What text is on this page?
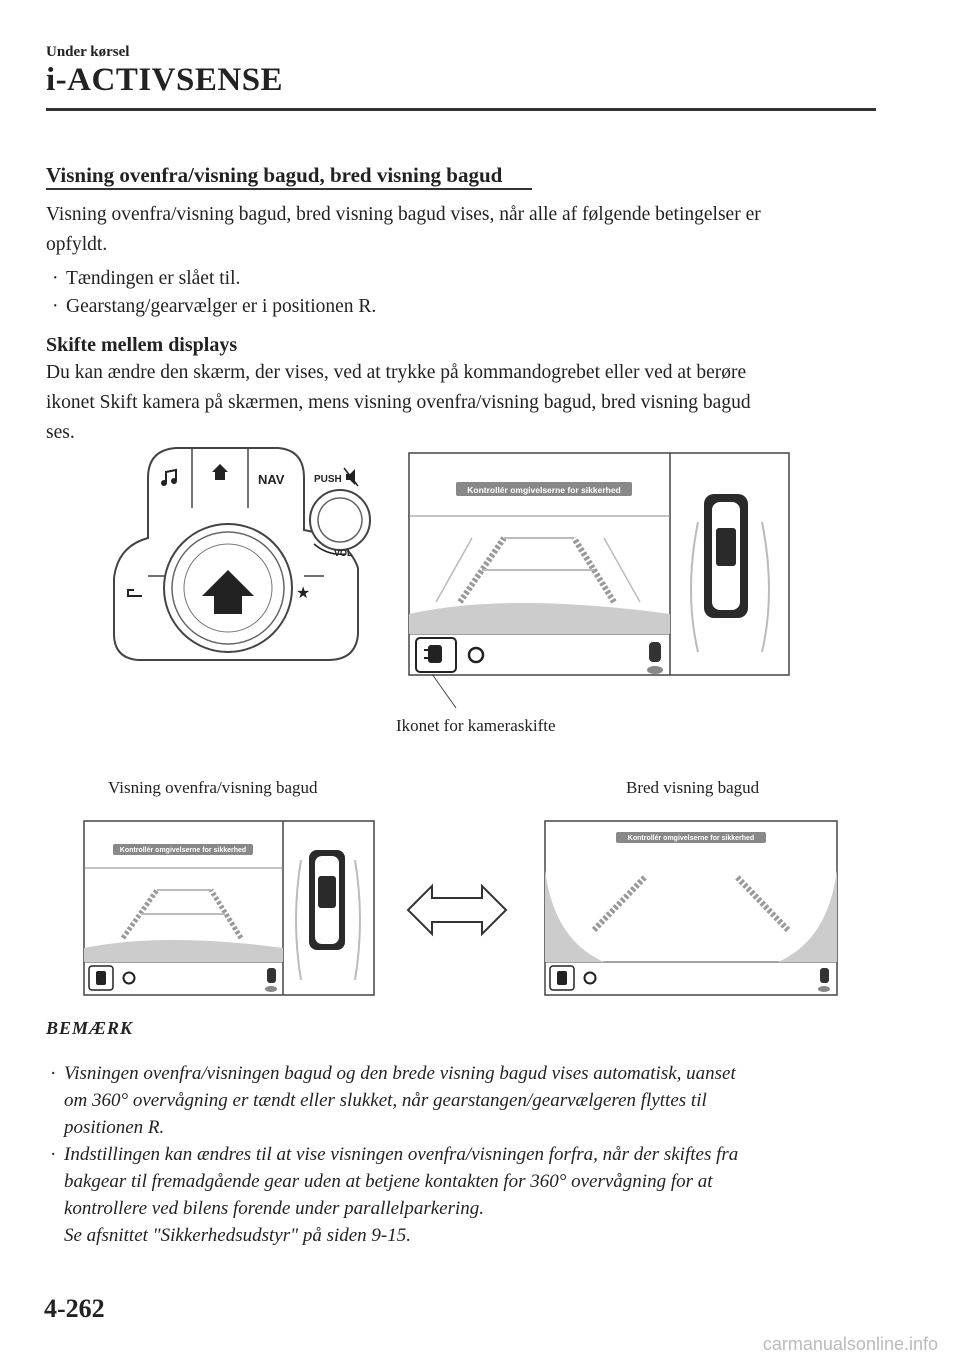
Under kørsel
i-ACTIVSENSE
Visning ovenfra/visning bagud, bred visning bagud
Visning ovenfra/visning bagud, bred visning bagud vises, når alle af følgende betingelser er
opfyldt.
· Tændingen er slået til.
· Gearstang/gearvælger er i positionen R.
Skifte mellem displays
Du kan ændre den skærm, der vises, ved at trykke på kommandogrebet eller ved at berøre
ikonet Skift kamera på skærmen, mens visning ovenfra/visning bagud, bred visning bagud
ses.
NAV
★
PUSH
VOL
Kontrollér omgivelserne for sikkerhed
Ikonet for kameraskifte
Visning ovenfra/visning bagud	Bred visning bagud
Kontrollér omgivelserne for sikkerhed
Kontrollér omgivelserne for sikkerhed
BEMÆRK
· Visningen ovenfra/visningen bagud og den brede visning bagud vises automatisk, uanset
om 360° overvågning er tændt eller slukket, når gearstangen/gearvælgeren flyttes til
positionen R.
· Indstillingen kan ændres til at vise visningen ovenfra/visningen forfra, når der skiftes fra
bakgear til fremadgående gear uden at betjene kontakten for 360° overvågning for at
kontrollere ved bilens forende under parallelparkering.
Se afsnittet "Sikkerhedsudstyr" på siden 9-15.
4-262
carmanualsonline.info
